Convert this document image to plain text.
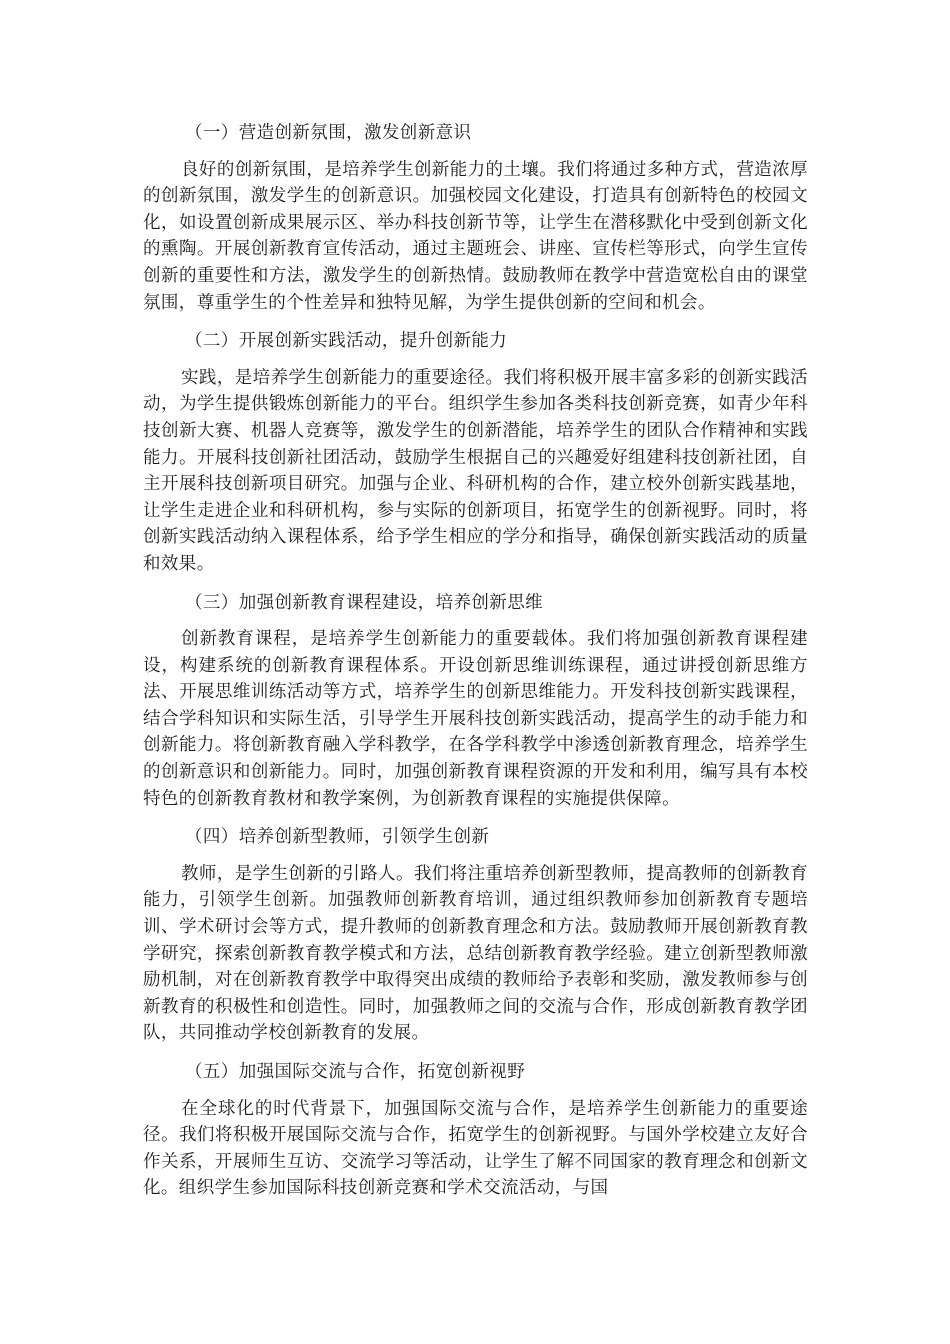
（一）营造创新氛围，激发创新意识

良好的创新氛围，是培养学生创新能力的土壤。我们将通过多种方式，营造浓厚的创新氛围，激发学生的创新意识。加强校园文化建设，打造具有创新特色的校园文化，如设置创新成果展示区、举办科技创新节等，让学生在潜移默化中受到创新文化的熏陶。开展创新教育宣传活动，通过主题班会、讲座、宣传栏等形式，向学生宣传创新的重要性和方法，激发学生的创新热情。鼓励教师在教学中营造宽松自由的课堂氛围，尊重学生的个性差异和独特见解，为学生提供创新的空间和机会。

（二）开展创新实践活动，提升创新能力

实践，是培养学生创新能力的重要途径。我们将积极开展丰富多彩的创新实践活动，为学生提供锻炼创新能力的平台。组织学生参加各类科技创新竞赛，如青少年科技创新大赛、机器人竞赛等，激发学生的创新潜能，培养学生的团队合作精神和实践能力。开展科技创新社团活动，鼓励学生根据自己的兴趣爱好组建科技创新社团，自主开展科技创新项目研究。加强与企业、科研机构的合作，建立校外创新实践基地，让学生走进企业和科研机构，参与实际的创新项目，拓宽学生的创新视野。同时，将创新实践活动纳入课程体系，给予学生相应的学分和指导，确保创新实践活动的质量和效果。

（三）加强创新教育课程建设，培养创新思维

创新教育课程，是培养学生创新能力的重要载体。我们将加强创新教育课程建设，构建系统的创新教育课程体系。开设创新思维训练课程，通过讲授创新思维方法、开展思维训练活动等方式，培养学生的创新思维能力。开发科技创新实践课程，结合学科知识和实际生活，引导学生开展科技创新实践活动，提高学生的动手能力和创新能力。将创新教育融入学科教学，在各学科教学中渗透创新教育理念，培养学生的创新意识和创新能力。同时，加强创新教育课程资源的开发和利用，编写具有本校特色的创新教育教材和教学案例，为创新教育课程的实施提供保障。

（四）培养创新型教师，引领学生创新

教师，是学生创新的引路人。我们将注重培养创新型教师，提高教师的创新教育能力，引领学生创新。加强教师创新教育培训，通过组织教师参加创新教育专题培训、学术研讨会等方式，提升教师的创新教育理念和方法。鼓励教师开展创新教育教学研究，探索创新教育教学模式和方法，总结创新教育教学经验。建立创新型教师激励机制，对在创新教育教学中取得突出成绩的教师给予表彰和奖励，激发教师参与创新教育的积极性和创造性。同时，加强教师之间的交流与合作，形成创新教育教学团队，共同推动学校创新教育的发展。

（五）加强国际交流与合作，拓宽创新视野

在全球化的时代背景下，加强国际交流与合作，是培养学生创新能力的重要途径。我们将积极开展国际交流与合作，拓宽学生的创新视野。与国外学校建立友好合作关系，开展师生互访、交流学习等活动，让学生了解不同国家的教育理念和创新文化。组织学生参加国际科技创新竞赛和学术交流活动，与国
